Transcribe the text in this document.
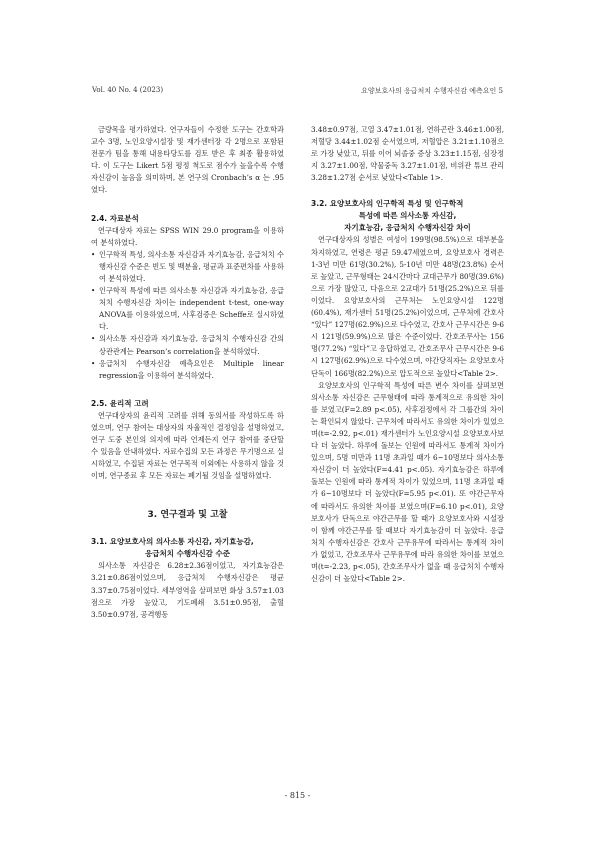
Vol. 40 No. 4 (2023)	요양보호사의 응급처치 수행자신감 예측요인 5

금량목을 평가하였다. 연구자들이 수정한 도구는 간호학과 교수 3명, 노인요양시설장 및 재가센터장 각 2명으로 포함된 전문가 팀을 통해 내용타당도를 검토 받은 후 최종 활용하였다. 이 도구는 Likert 5점 평정 척도로 점수가 높을수록 수행자신감이 높음을 의미하며, 본 연구의 Cronbach’s α 는 .95였다.

2.4. 자료분석

연구대상자 자료는 SPSS WIN 29.0 program을 이용하여 분석하였다.

• 인구학적 특성, 의사소통 자신감과 자기효능감, 응급처치 수행자신감 수준은 빈도 및 백분율, 평균과 표준편차를 사용하여 분석하였다.
• 인구학적 특성에 따른 의사소통 자신감과 자기효능감, 응급처치 수행자신감 차이는 independent t-test, one-way ANOVA를 이용하였으며, 사후검증은 Scheffe로 실시하였다.
• 의사소통 자신감과 자기효능감, 응급처치 수행자신감 간의 상관관계는 Pearson’s correlation을 분석하였다.
• 응급처치 수행자신감 예측요인은 Multiple linear regression을 이용하여 분석하였다.
2.5. 윤리적 고려

연구대상자의 윤리적 고려를 위해 동의서를 작성하도록 하였으며, 연구 참여는 대상자의 자율적인 결정임을 설명하였고, 연구 도중 본인의 의지에 따라 언제든지 연구 참여를 중단할 수 있음을 안내하였다. 자료수집의 모든 과정은 무기명으로 실시하였고, 수집된 자료는 연구목적 이외에는 사용하지 않을 것이며, 연구종료 후 모든 자료는 폐기될 것임을 설명하였다.

3. 연구결과 및 고찰
3.1. 요양보호사의 의사소통 자신감, 자기효능감,
응급처치 수행자신감 수준

의사소통 자신감은 6.28±2.36점이었고, 자기효능감은 3.21±0.86점이었으며, 응급처치 수행자신감은 평균 3.37±0.75점이었다. 세부영역을 살펴보면 화상 3.57±1.03점으로 가장 높았고, 기도폐쇄 3.51±0.95점, 출혈 3.50±0.97점, 공격행동

3.48±0.97점, 고열 3.47±1.01점, 연하곤란 3.46±1.00점, 저혈당 3.44±1.02점 순서였으며, 저혈압은 3.21±1.10점으로 가장 낮았고, 뒤를 이어 뇌졸중 증상 3.23±1.15점, 심장정지 3.27±1.00점, 약물중독 3.27±1.01점, 비위관 튜브 관리 3.28±1.27점 순서로 낮았다<Table 1>.

3.2. 요양보호사의 인구학적 특성 및 인구학적
특성에 따른 의사소통 자신감,
자기효능감, 응급처치 수행자신감 차이

연구대상자의 성별은 여성이 199명(98.5%)으로 대부분을 차지하였고, 연령은 평균 59.47세였으며, 요양보호사 경력은 1-3년 미만 61명(30.2%), 5-10년 미만 48명(23.8%) 순서로 높았고, 근무형태는 24시간마다 교대근무가 80명(39.6%)으로 가장 많았고, 다음으로 2교대가 51명(25.2%)으로 뒤를 이었다. 요양보호사의 근무처는 노인요양시설 122명(60.4%), 재가센터 51명(25.2%)이었으며, 근무처에 간호사 “있다” 127명(62.9%)으로 다수였고, 간호사 근무시간은 9-6시 121명(59.9%)으로 많은 수준이었다. 간호조무사는 156명(77.2%) “있다”고 응답하였고, 간호조무사 근무시간은 9-6시 127명(62.9%)으로 다수였으며, 야간당직자는 요양보호사 단독이 166명(82.2%)으로 압도적으로 높았다<Table 2>.

요양보호사의 인구학적 특성에 따른 변수 차이를 살펴보면 의사소통 자신감은 근무형태에 따라 통계적으로 유의한 차이를 보였고(F=2.89 p<.05), 사후검정에서 각 그룹간의 차이는 확인되지 않았다. 근무처에 따라서도 유의한 차이가 있었으며(t=-2.92, p<.01) 재가센터가 노인요양시설 요양보호사보다 더 높았다. 하루에 돌보는 인원에 따라서도 통계적 차이가 있으며, 5명 미만과 11명 초과일 때가 6~10명보다 의사소통 자신감이 더 높았다(F=4.41 p<.05). 자기효능감은 하루에 돌보는 인원에 따라 통계적 차이가 있었으며, 11명 초과일 때가 6~10명보다 더 높았다(F=5.95 p<.01). 또 야간근무자에 따라서도 유의한 차이를 보였으며(F=6.10 p<.01), 요양보호사가 단독으로 야간근무를 할 때가 요양보호사와 시설장이 함께 야간근무를 할 때보다 자기효능감이 더 높았다. 응급처치 수행자신감은 간호사 근무유무에 따라서는 통계적 차이가 없었고, 간호조무사 근무유무에 따라 유의한 차이를 보였으며(t=-2.23, p<.05), 간호조무사가 없을 때 응급처치 수행자신감이 더 높았다<Table 2>.

- 815 -
